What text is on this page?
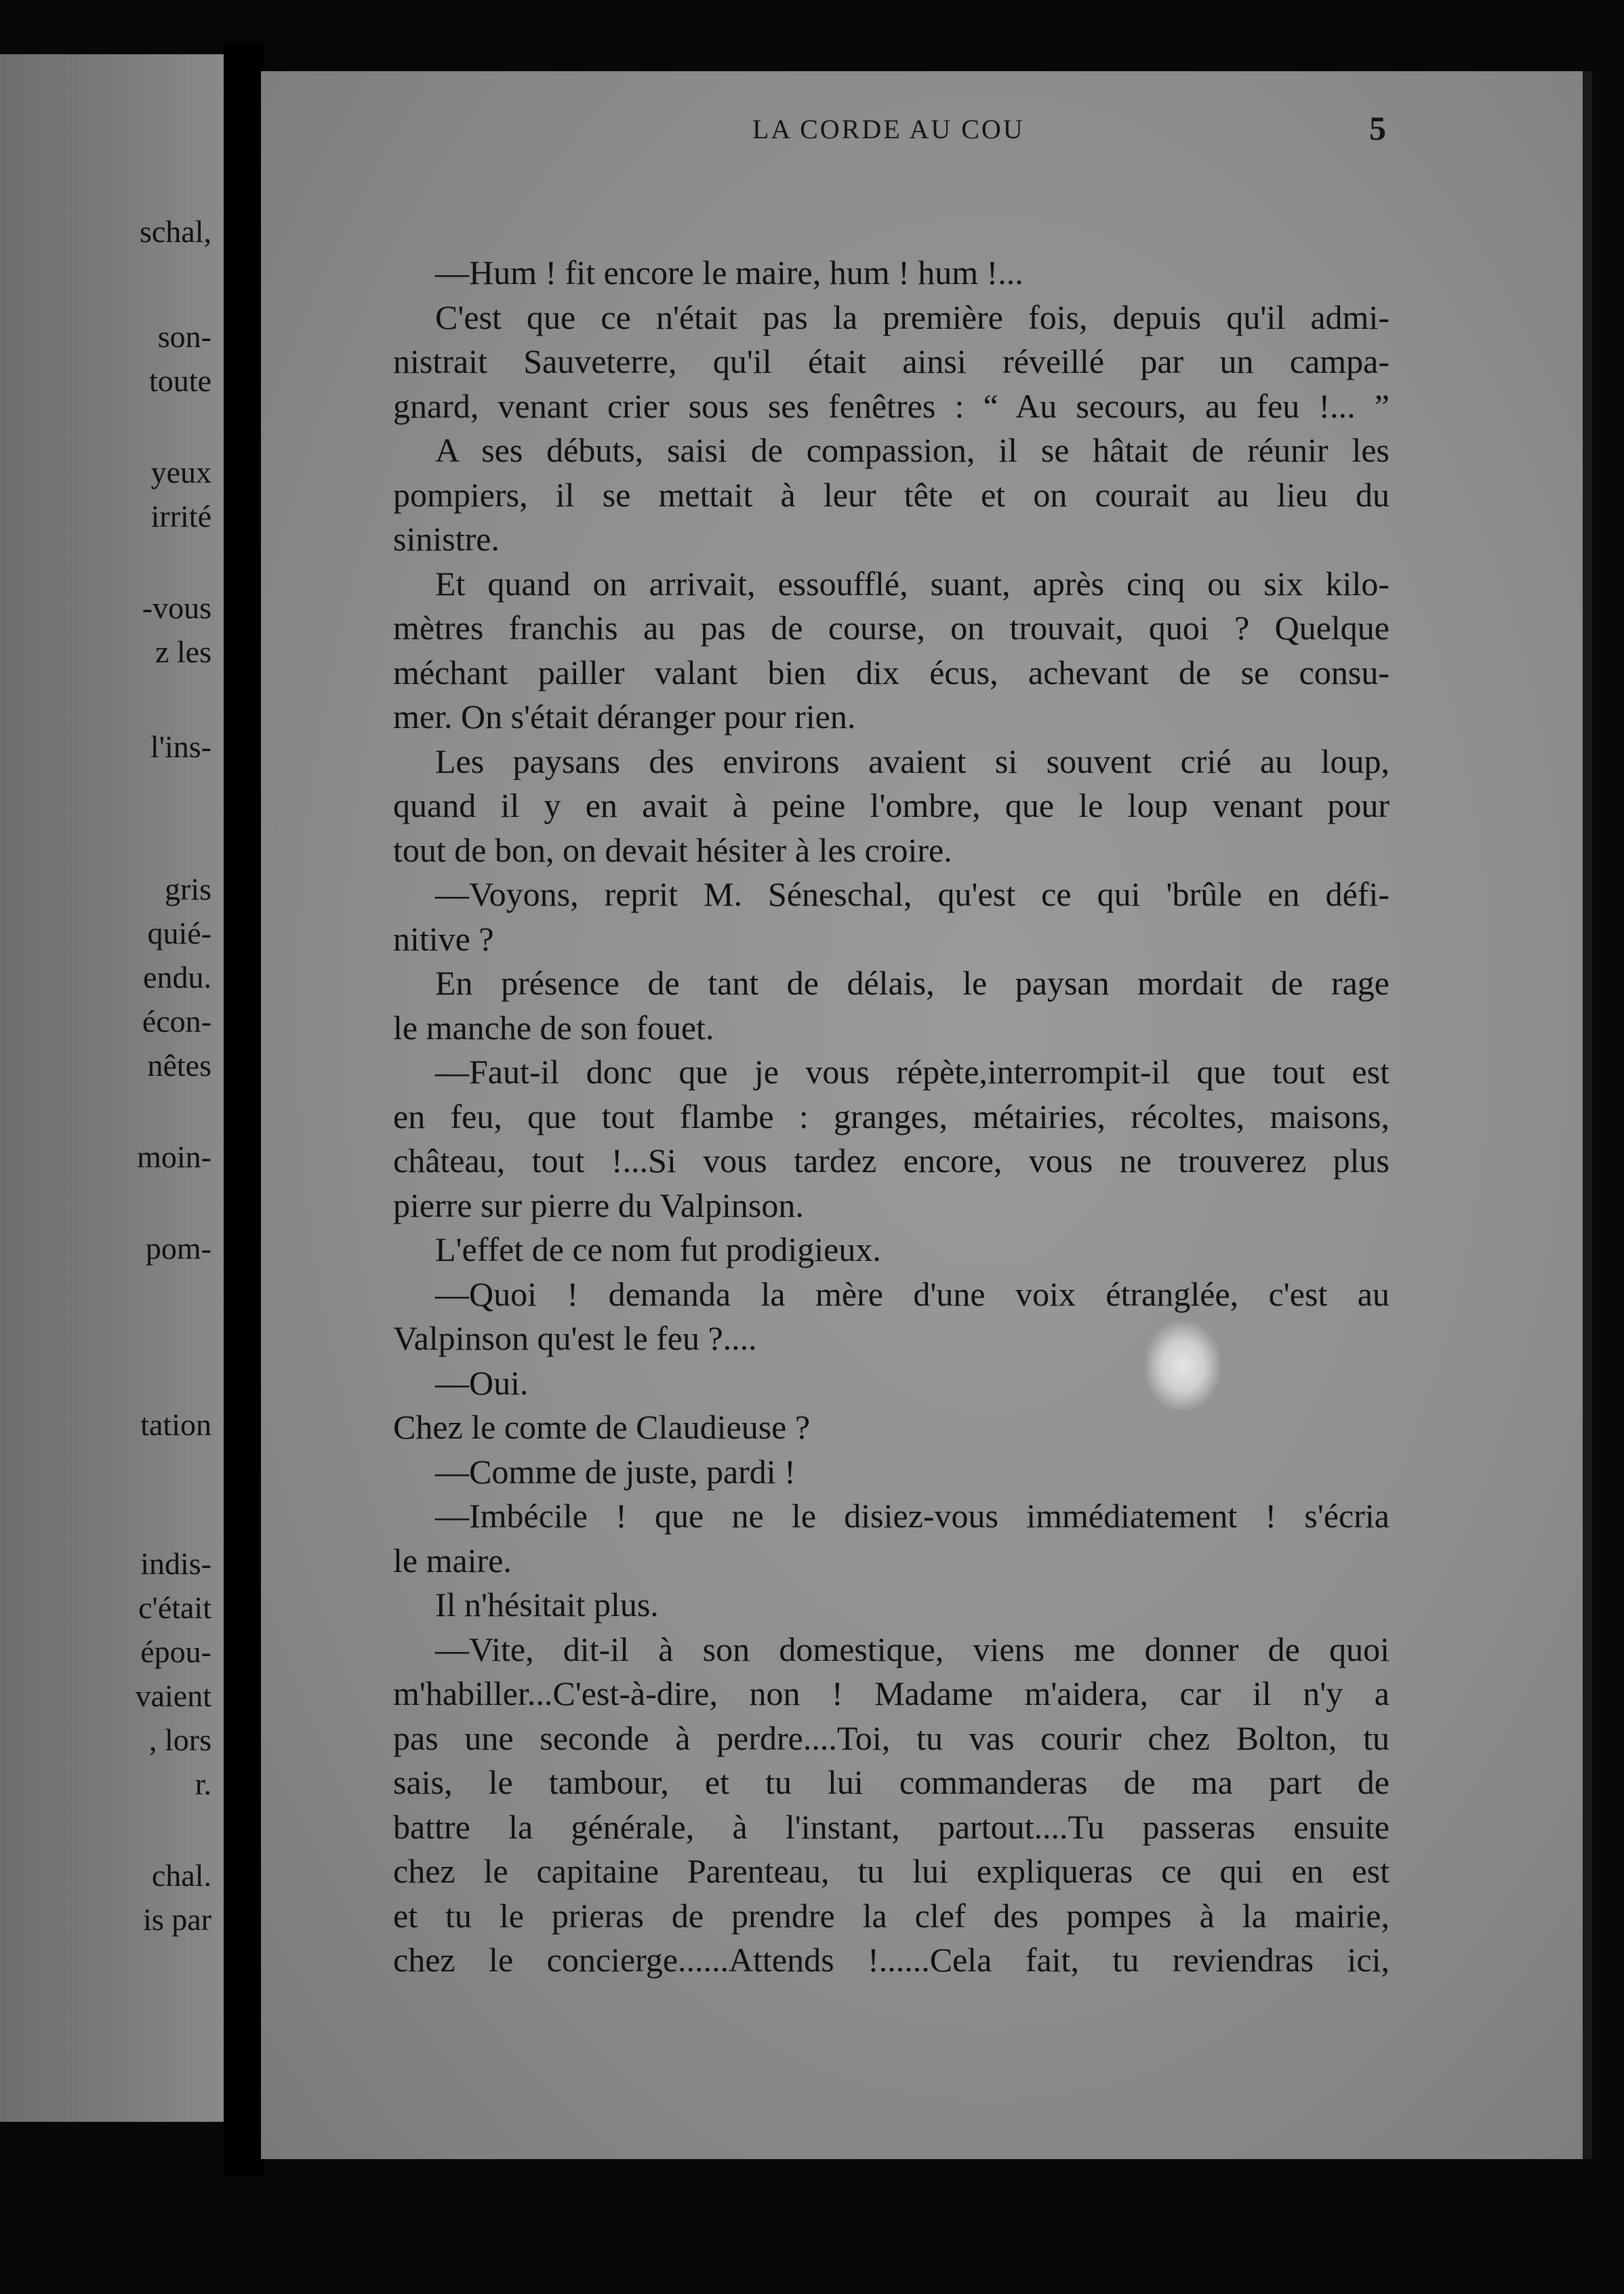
schal,
son-
toute
yeux
irrité
-vous
z les
l'ins-
gris
quié-
endu.
écon-
nêtes
moin-
pom-
tation
indis-
c'était
épou-
vaient
, lors
r.
chal.
is par
LA CORDE AU COU	5
—Hum ! fit encore le maire, hum ! hum !...
C'est que ce n'était pas la première fois, depuis qu'il admi-
nistrait Sauveterre, qu'il était ainsi réveillé par un campa-
gnard, venant crier sous ses fenêtres : “ Au secours, au feu !... ”
A ses débuts, saisi de compassion, il se hâtait de réunir les
pompiers, il se mettait à leur tête et on courait au lieu du
sinistre.
Et quand on arrivait, essoufflé, suant, après cinq ou six kilo-
mètres franchis au pas de course, on trouvait, quoi ? Quelque
méchant pailler valant bien dix écus, achevant de se consu-
mer. On s'était déranger pour rien.
Les paysans des environs avaient si souvent crié au loup,
quand il y en avait à peine l'ombre, que le loup venant pour
tout de bon, on devait hésiter à les croire.
—Voyons, reprit M. Séneschal, qu'est ce qui 'brûle en défi-
nitive ?
En présence de tant de délais, le paysan mordait de rage
le manche de son fouet.
—Faut-il donc que je vous répète,interrompit-il que tout est
en feu, que tout flambe : granges, métairies, récoltes, maisons,
château, tout !...Si vous tardez encore, vous ne trouverez plus
pierre sur pierre du Valpinson.
L'effet de ce nom fut prodigieux.
—Quoi ! demanda la mère d'une voix étranglée, c'est au
Valpinson qu'est le feu ?....
—Oui.
Chez le comte de Claudieuse ?
—Comme de juste, pardi !
—Imbécile ! que ne le disiez-vous immédiatement ! s'écria
le maire.
Il n'hésitait plus.
—Vite, dit-il à son domestique, viens me donner de quoi
m'habiller...C'est-à-dire, non ! Madame m'aidera, car il n'y a
pas une seconde à perdre....Toi, tu vas courir chez Bolton, tu
sais, le tambour, et tu lui commanderas de ma part de
battre la générale, à l'instant, partout....Tu passeras ensuite
chez le capitaine Parenteau, tu lui expliqueras ce qui en est
et tu le prieras de prendre la clef des pompes à la mairie,
chez le concierge......Attends !......Cela fait, tu reviendras ici,
